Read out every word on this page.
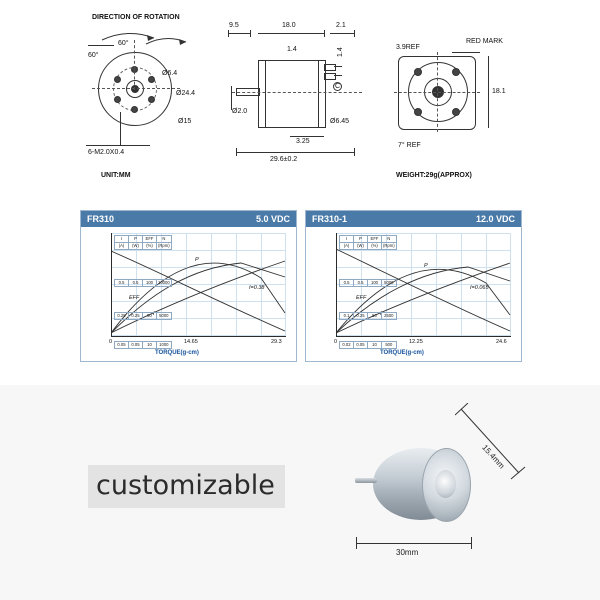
DIRECTION OF ROTATION
60°
60°
Ø6.4
Ø24.4
Ø15
6-M2.0X0.4
UNIT:MM
9.5	18.0	2.1
1.4	1.4
C
Ø2.0
3.25
Ø6.45
29.6±0.2
3.9REF
RED MARK
18.1
7° REF
WEIGHT:29g(APPROX)
FR310	5.0 VDC
P
EFF
I
I=0.38
I	P	EFF	N
(A)	(W)	(%)	(Rpm)

0.5	0.5	100	10000

0.25	0.25	50	5000

0.05	0.05	10	1000
0	14.65	29.3
TORQUE(g-cm)
FR310-1	12.0 VDC
P
EFF
I
I=0.065
I	P	EFF	N
(A)	(W)	(%)	(Rpm)

0.5	0.5	100	5000

0.1	0.25	50	2500

0.02	0.05	10	500
0	12.25	24.6
TORQUE(g-cm)
customizable
30mm
15.4mm
